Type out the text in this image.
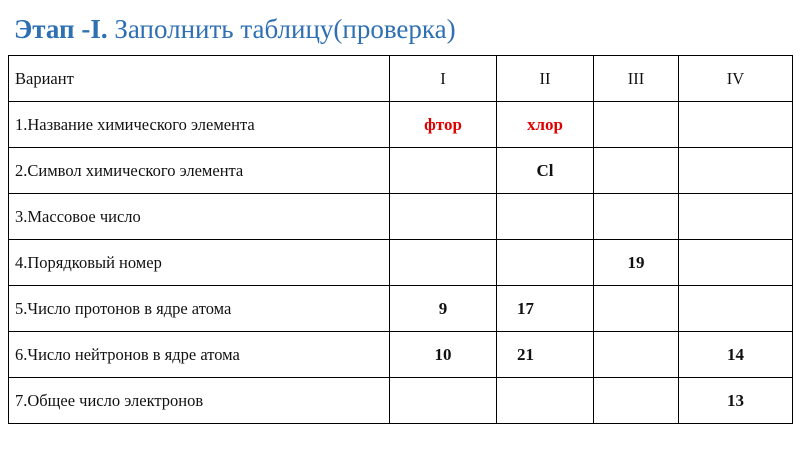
Этап -I. Заполнить таблицу(проверка)
Вариант	I	II	III	IV
1.Название химического элемента	фтор	хлор		
2.Символ химического элемента		Cl		
3.Массовое число				
4.Порядковый номер			19	
5.Число протонов в ядре атома	9	17		
6.Число нейтронов в ядре атома	10	21		14
7.Общее число электронов				13
